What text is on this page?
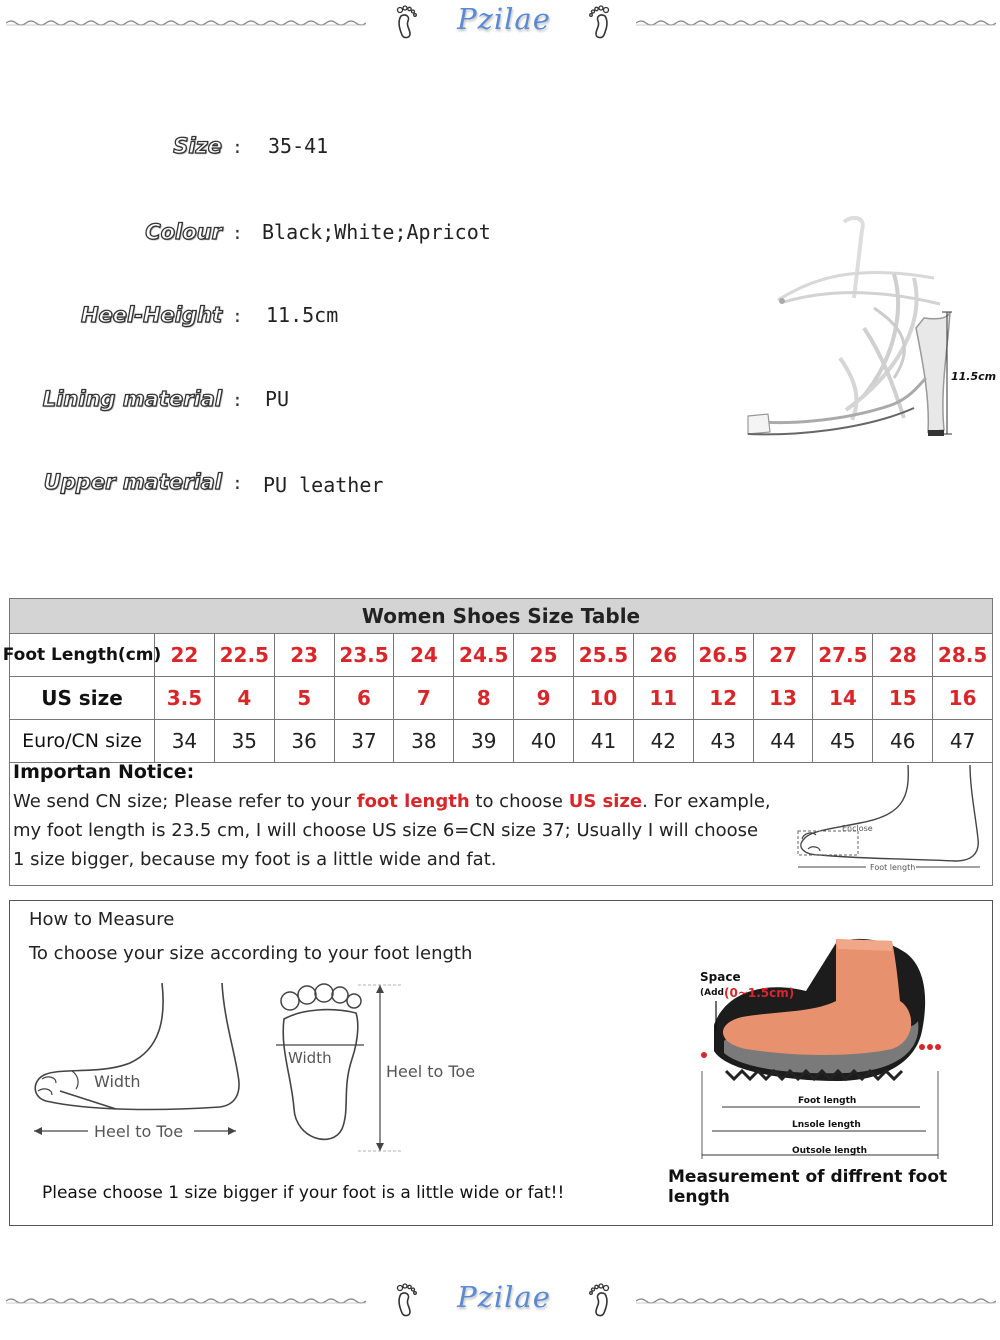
Pzilae
Size : 35-41
Colour : Black;White;Apricot
Heel-Height : 11.5cm
Lining material : PU
Upper material : PU leather
11.5cm
Women Shoes Size Table
Foot Length(cm) 22	22.5	23	23.5	24	24.5	25	25.5	26	26.5	27	27.5	28	28.5
US size	3.5	4	5	6	7	8	9	10	11	12	13	14	15	16
Euro/CN size	34	35	36	37	38	39	40	41	42	43	44	45	46	47
Importan Notice:
We send CN size; Please refer to your foot length to choose US size. For example,
my foot length is 23.5 cm, I will choose US size 6=CN size 37; Usually I will choose
1 size bigger, because my foot is a little wide and fat.
Enclose
Foot length
How to Measure
To choose your size according to your foot length
Width
Heel to Toe
Width
Heel to Toe
Space
(Add (0~1.5cm)
Foot length
Lnsole length
Outsole length
Measurement of diffrent foot length
Please choose 1 size bigger if your foot is a little wide or fat!!
Pzilae
